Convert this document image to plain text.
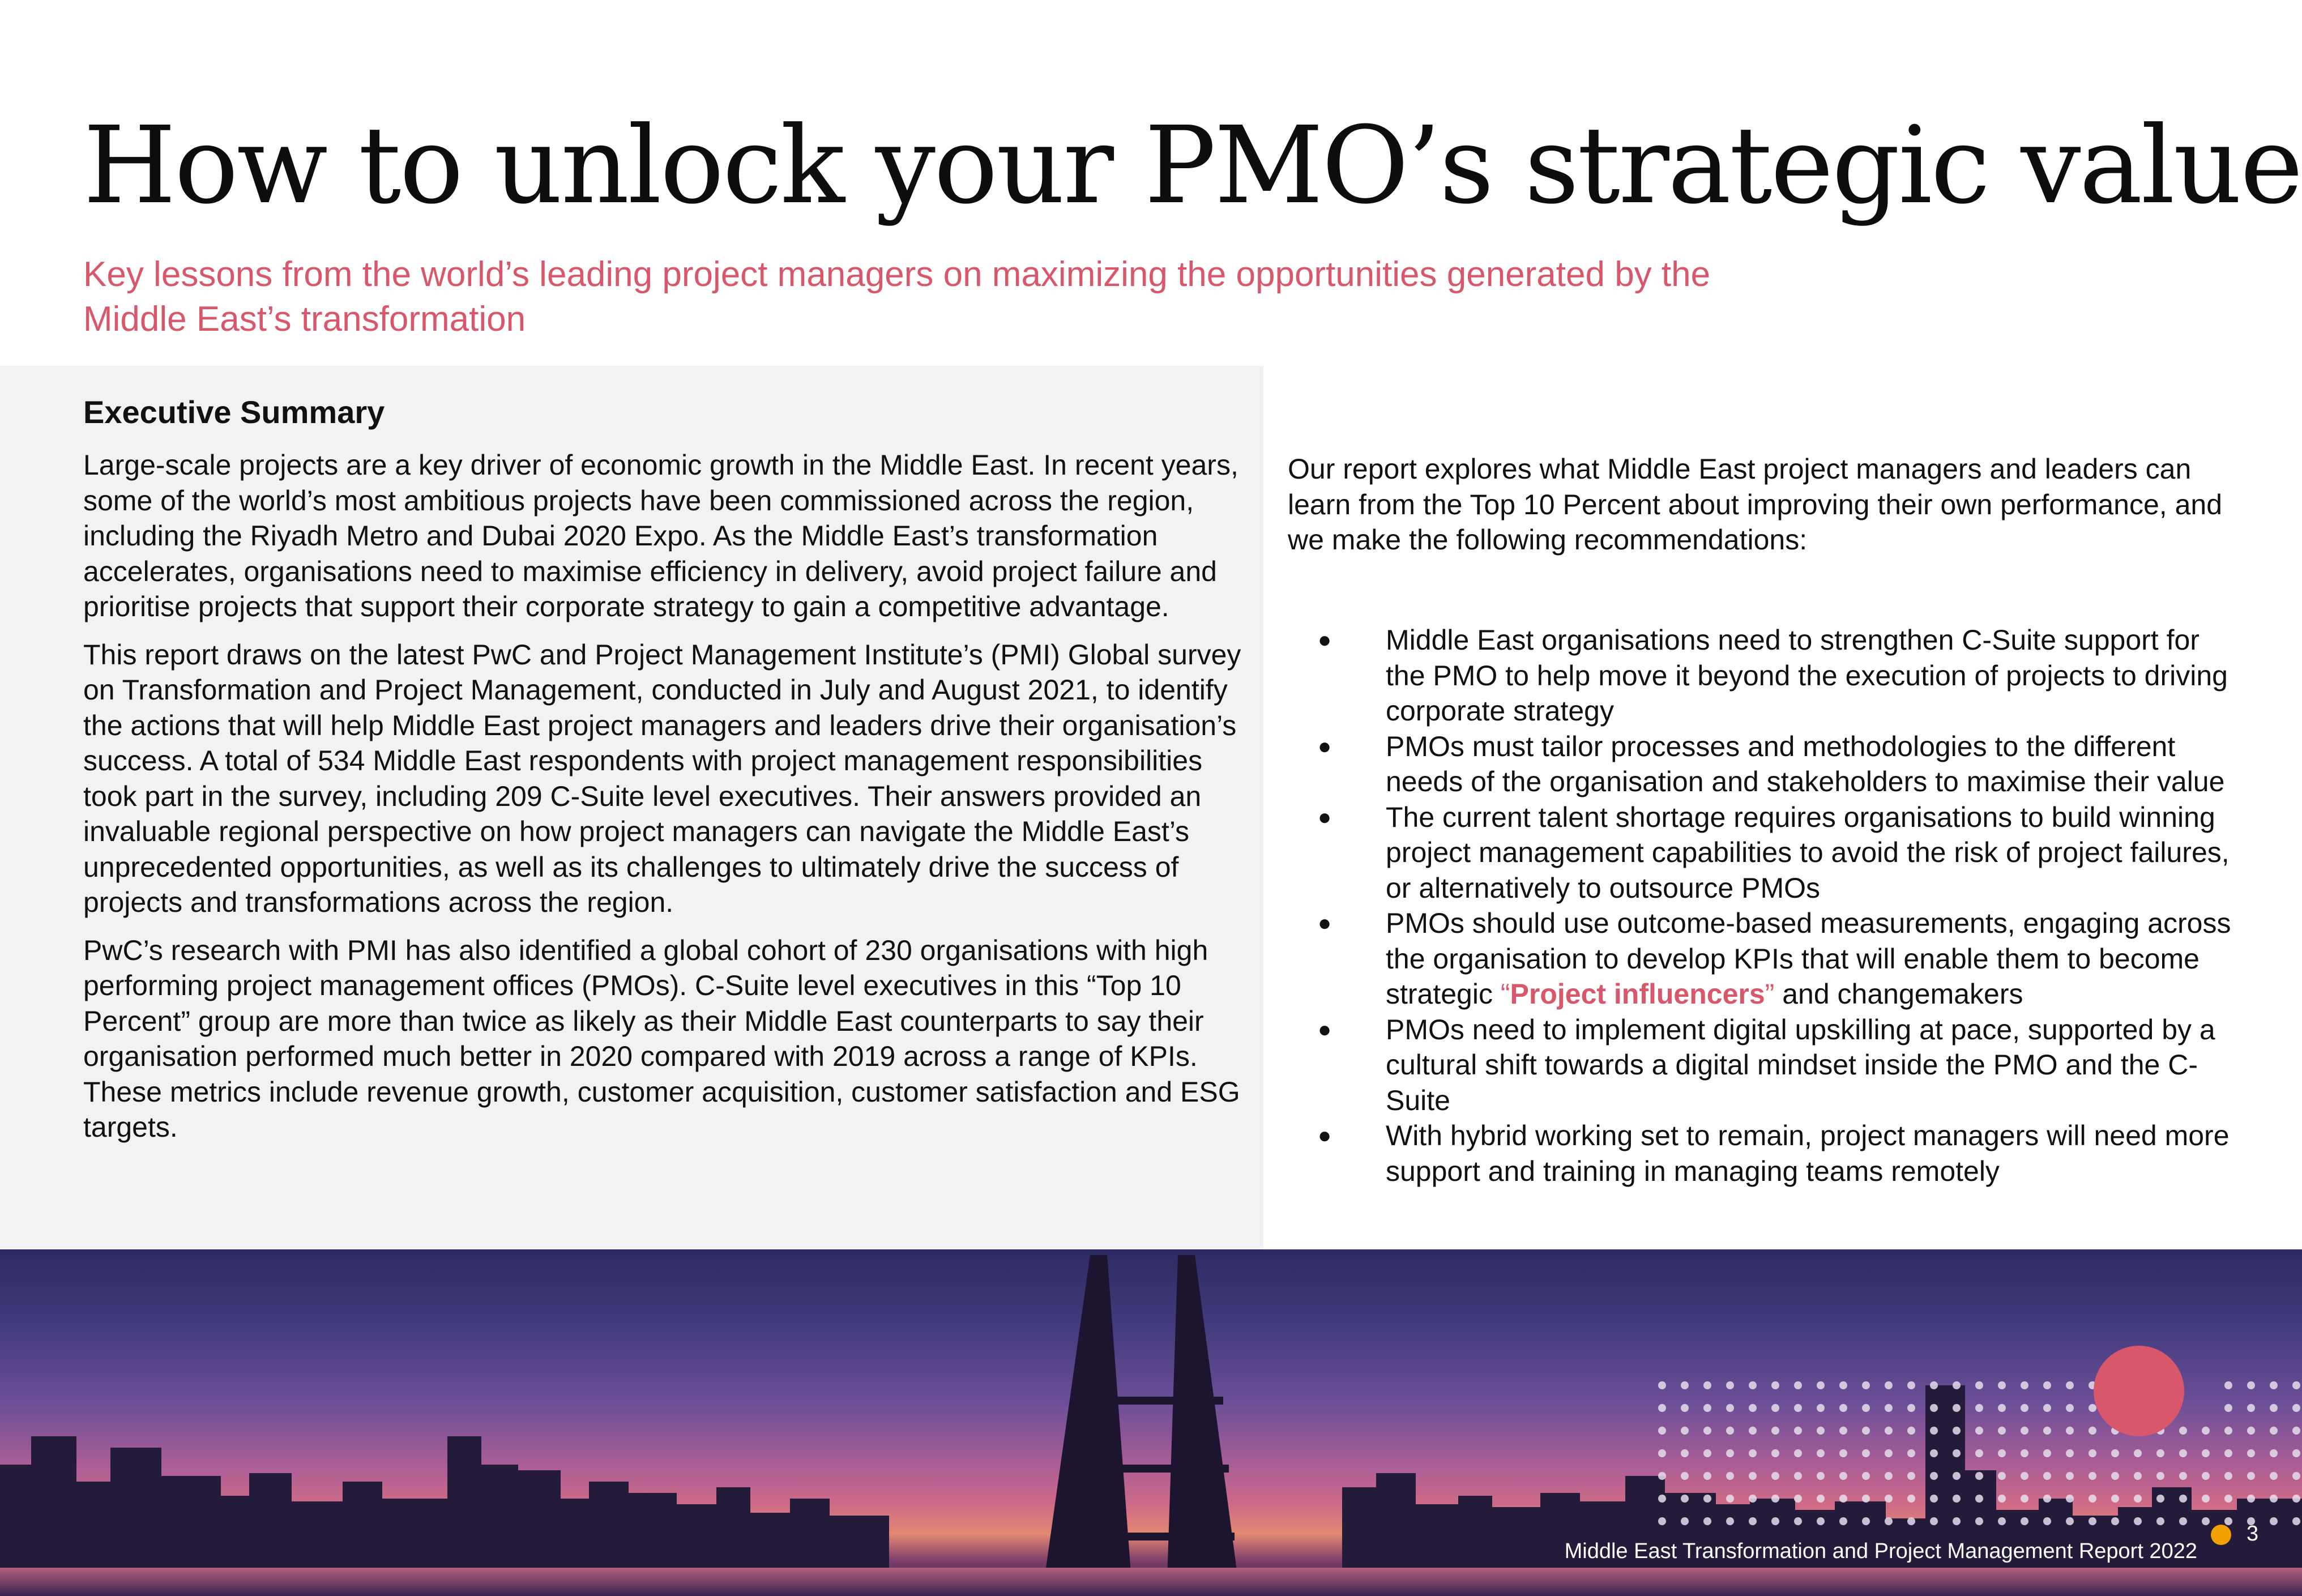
How to unlock your PMO’s strategic value

Key lessons from the world’s leading project managers on maximizing the opportunities generated by the Middle East’s transformation

Executive Summary

Large-scale projects are a key driver of economic growth in the Middle East. In recent years, some of the world’s most ambitious projects have been commissioned across the region, including the Riyadh Metro and Dubai 2020 Expo. As the Middle East’s transformation accelerates, organisations need to maximise efficiency in delivery, avoid project failure and prioritise projects that support their corporate strategy to gain a competitive advantage.

This report draws on the latest PwC and Project Management Institute’s (PMI) Global survey on Transformation and Project Management, conducted in July and August 2021, to identify the actions that will help Middle East project managers and leaders drive their organisation’s success. A total of 534 Middle East respondents with project management responsibilities took part in the survey, including 209 C-Suite level executives. Their answers provided an invaluable regional perspective on how project managers can navigate the Middle East’s unprecedented opportunities, as well as its challenges to ultimately drive the success of projects and transformations across the region.

PwC’s research with PMI has also identified a global cohort of 230 organisations with high performing project management offices (PMOs). C-Suite level executives in this “Top 10 Percent” group are more than twice as likely as their Middle East counterparts to say their organisation performed much better in 2020 compared with 2019 across a range of KPIs. These metrics include revenue growth, customer acquisition, customer satisfaction and ESG targets.

Our report explores what Middle East project managers and leaders can learn from the Top 10 Percent about improving their own performance, and we make the following recommendations:

● Middle East organisations need to strengthen C-Suite support for the PMO to help move it beyond the execution of projects to driving corporate strategy
● PMOs must tailor processes and methodologies to the different needs of the organisation and stakeholders to maximise their value
● The current talent shortage requires organisations to build winning project management capabilities to avoid the risk of project failures, or alternatively to outsource PMOs
● PMOs should use outcome-based measurements, engaging across the organisation to develop KPIs that will enable them to become strategic “Project influencers” and changemakers
● PMOs need to implement digital upskilling at pace, supported by a cultural shift towards a digital mindset inside the PMO and the C-Suite
● With hybrid working set to remain, project managers will need more support and training in managing teams remotely
Middle East Transformation and Project Management Report 2022
3
